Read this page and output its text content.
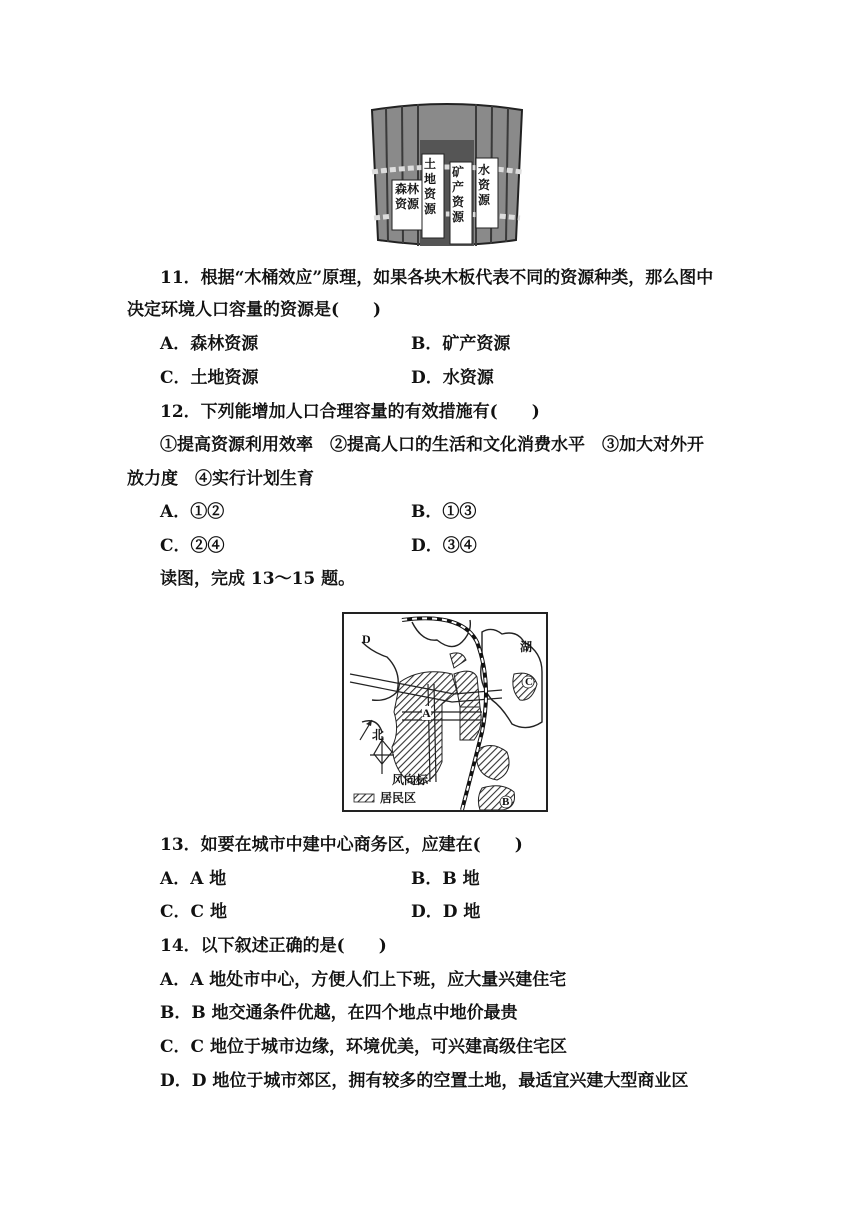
森林资源
土地资源
矿产资源
水资源
11．根据“木桶效应”原理，如果各块木板代表不同的资源种类，那么图中
决定环境人口容量的资源是(　　)
A．森林资源	B．矿产资源
C．土地资源	D．水资源
12．下列能增加人口合理容量的有效措施有(　　)
①提高资源利用效率　②提高人口的生活和文化消费水平　③加大对外开
放力度　④实行计划生育
A．①②	B．①③
C．②④	D．③④
读图，完成 13～15 题。
D
湖
C
A
B
北
风向标
居民区
13．如要在城市中建中心商务区，应建在(　　)
A．A 地	B．B 地
C．C 地	D．D 地
14．以下叙述正确的是(　　)
A．A 地处市中心，方便人们上下班，应大量兴建住宅
B．B 地交通条件优越，在四个地点中地价最贵
C．C 地位于城市边缘，环境优美，可兴建高级住宅区
D．D 地位于城市郊区，拥有较多的空置土地，最适宜兴建大型商业区
